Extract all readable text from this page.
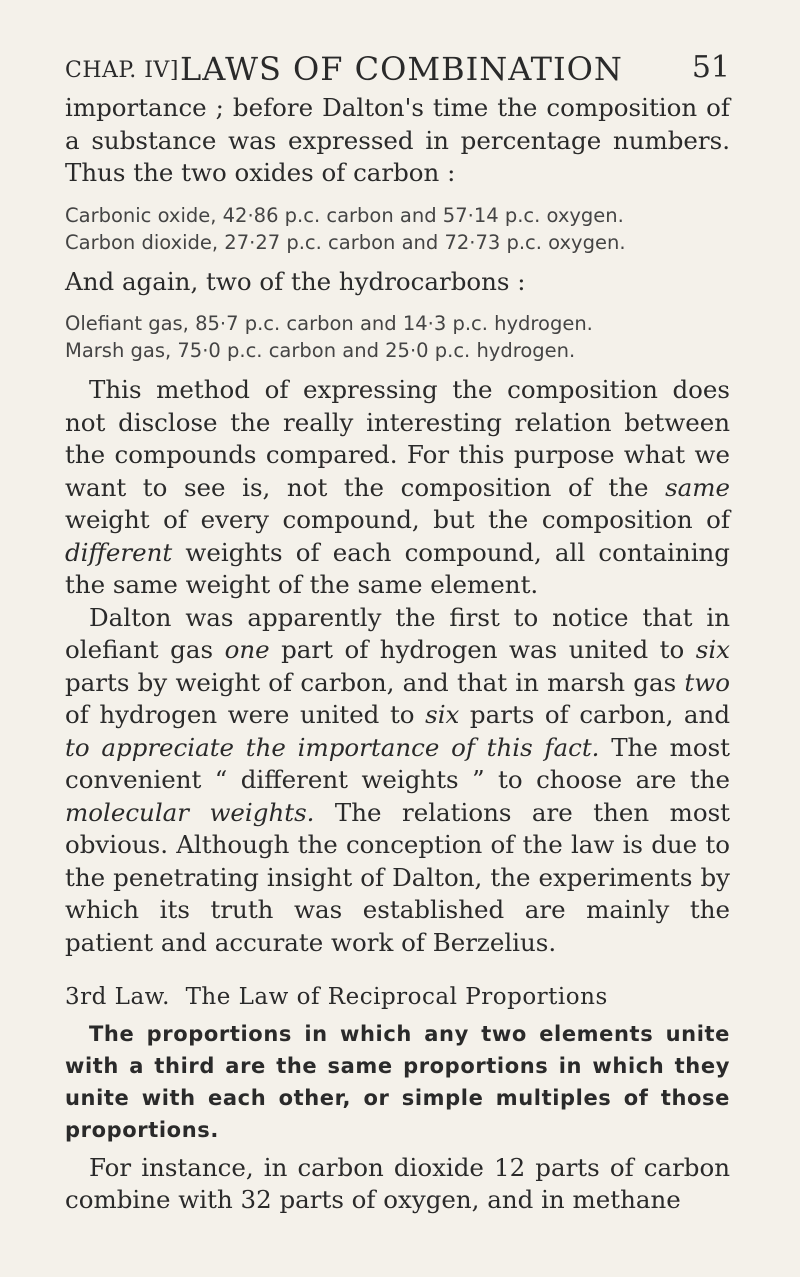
CHAP. IV] LAWS OF COMBINATION 51

importance ; before Dalton's time the composition of a substance was expressed in percentage numbers. Thus the two oxides of carbon :

Carbonic oxide, 42·86 p.c. carbon and 57·14 p.c. oxygen.

Carbon dioxide, 27·27 p.c. carbon and 72·73 p.c. oxygen.

And again, two of the hydrocarbons :

Olefiant gas, 85·7 p.c. carbon and 14·3 p.c. hydrogen.

Marsh gas, 75·0 p.c. carbon and 25·0 p.c. hydrogen.

This method of expressing the composition does not disclose the really interesting relation between the compounds compared. For this purpose what we want to see is, not the composition of the same weight of every compound, but the composition of different weights of each compound, all containing the same weight of the same element.

Dalton was apparently the first to notice that in olefiant gas one part of hydrogen was united to six parts by weight of carbon, and that in marsh gas two of hydrogen were united to six parts of carbon, and to appreciate the importance of this fact. The most convenient “ different weights ” to choose are the molecular weights. The relations are then most obvious. Although the conception of the law is due to the penetrating insight of Dalton, the experiments by which its truth was established are mainly the patient and accurate work of Berzelius.

3rd Law. The Law of Reciprocal Proportions

The proportions in which any two elements unite with a third are the same proportions in which they unite with each other, or simple multiples of those proportions.

For instance, in carbon dioxide 12 parts of carbon combine with 32 parts of oxygen, and in methane
